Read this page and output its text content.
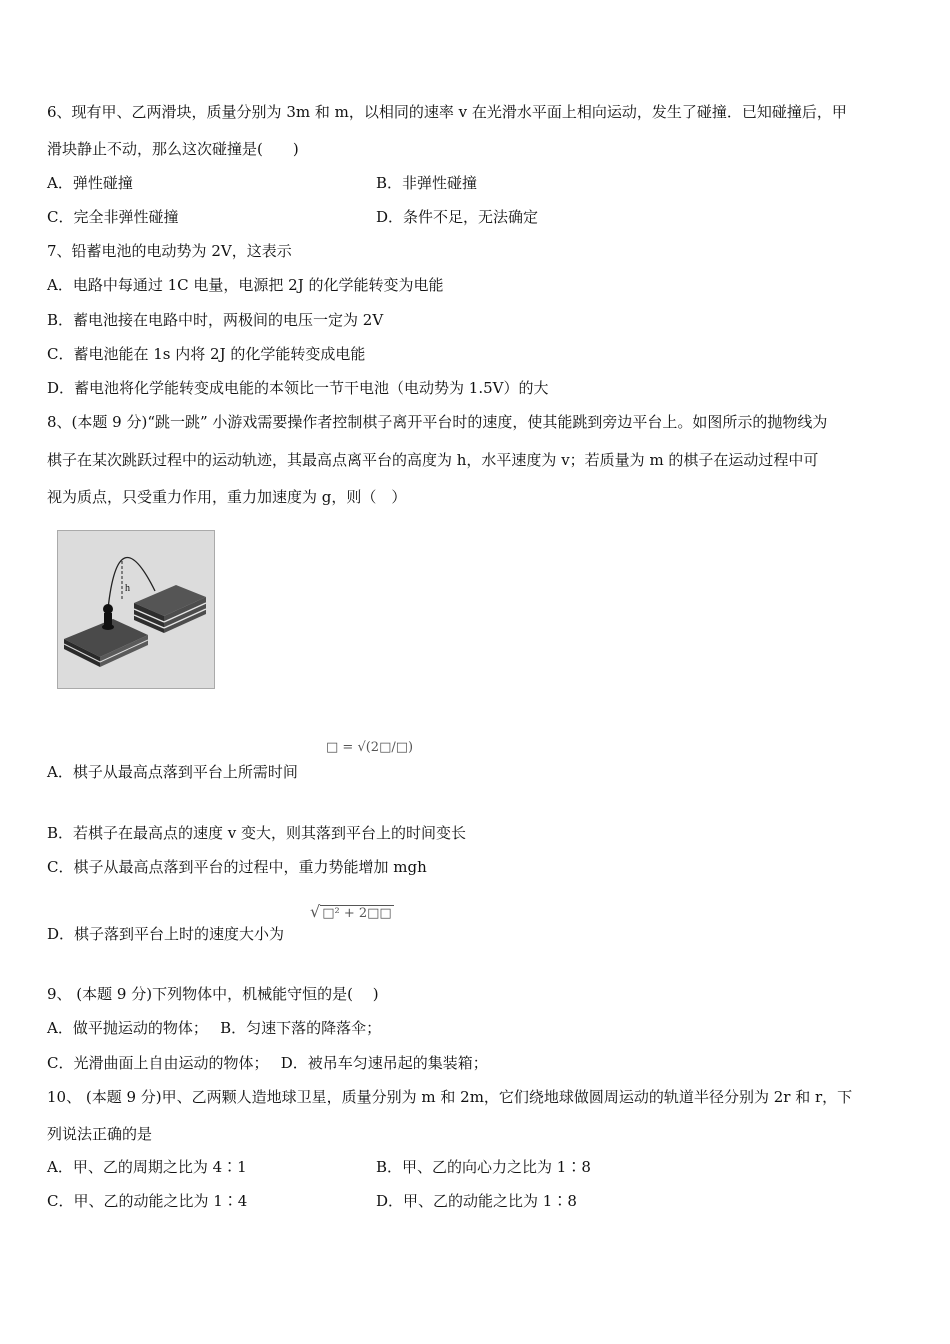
6、现有甲、乙两滑块，质量分别为 3m 和 m，以相同的速率 v 在光滑水平面上相向运动，发生了碰撞．已知碰撞后，甲
滑块静止不动，那么这次碰撞是(　　)
A．弹性碰撞	B．非弹性碰撞
C．完全非弹性碰撞	D．条件不足，无法确定
7、铅蓄电池的电动势为 2V，这表示
A．电路中每通过 1C 电量，电源把 2J 的化学能转变为电能
B．蓄电池接在电路中时，两极间的电压一定为 2V
C．蓄电池能在 1s 内将 2J 的化学能转变成电能
D．蓄电池将化学能转变成电能的本领比一节干电池（电动势为 1.5V）的大
8、(本题 9 分)“跳一跳” 小游戏需要操作者控制棋子离开平台时的速度，使其能跳到旁边平台上。如图所示的抛物线为
棋子在某次跳跃过程中的运动轨迹，其最高点离平台的高度为 h，水平速度为 v；若质量为 m 的棋子在运动过程中可
视为质点，只受重力作用，重力加速度为 g，则（　）
h
A．棋子从最高点落到平台上所需时间
□ = √(2□/□)
B．若棋子在最高点的速度 v 变大，则其落到平台上的时间变长
C．棋子从最高点落到平台的过程中，重力势能增加 mgh
D．棋子落到平台上时的速度大小为
√ □² + 2□□
9、 (本题 9 分)下列物体中，机械能守恒的是(　 )
A．做平抛运动的物体；　 B．匀速下落的降落伞；
C．光滑曲面上自由运动的物体；　 D．被吊车匀速吊起的集装箱；
10、 (本题 9 分)甲、乙两颗人造地球卫星，质量分别为 m 和 2m，它们绕地球做圆周运动的轨道半径分别为 2r 和 r，下
列说法正确的是
A．甲、乙的周期之比为 4∶1	B．甲、乙的向心力之比为 1∶8
C．甲、乙的动能之比为 1∶4	D．甲、乙的动能之比为 1∶8
